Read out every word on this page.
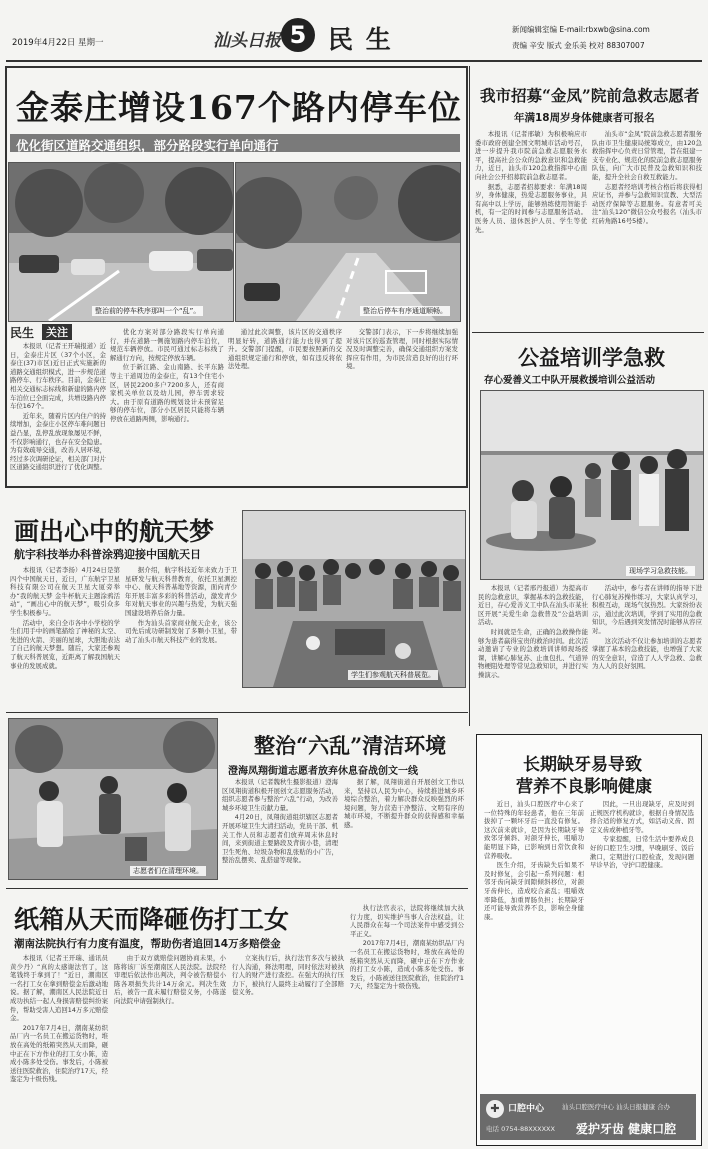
2019年4月22日 星期一	汕头日报 5 民 生	新闻编辑室编 E-mail:rbxwb@sina.com
责编 辛安 版式 金乐美 校对 88307007
金泰庄增设167个路内停车位
优化街区道路交通组织，部分路段实行单向通行
整治前的停车秩序那叫一个“乱”。	整治后停车有序通道顺畅。
民生	关注

本报讯（记者王开瑞报道）近日，金泰庄片区（37个小区，金泰庄(37)市区)近日正式实施新的道路交通组织模式，进一步规范道路停车、行车秩序。目前，金泰庄相关交通标志标线和新建的路内停车泊位已全面完成，共增设路内停车位167个。

近年来，随着片区内住户的持续增加，金泰庄小区停车难问题日益凸显，乱停乱放现象屡见不鲜，不仅影响通行，也存在安全隐患。为有效疏导交通，改善人居环境，经过多次调研论证，相关部门对片区道路交通组织进行了优化调整。

优化方案对部分路段实行单向通行，并在道路一侧施划路内停车泊位，规范车辆停放。市民可通过标志标线了解通行方向，按规定停放车辆。

位于新江路、金山南路、长平东路等主干道周边的金泰庄，有13个住宅小区，居民2200多户7200多人，还有商家机关单位以及幼儿园，停车需求较大。由于原有道路的规划设计未预留足够的停车位，部分小区居民只能将车辆停放在道路两侧，影响通行。

通过此次调整，该片区的交通秩序明显好转，道路通行能力也得到了提升。交警部门提醒，市民要按照新的交通组织规定通行和停放，如有违反将依法处理。

交警部门表示，下一步将继续加强对该片区的巡查管理，同时根据实际情况及时调整完善，确保交通组织方案发挥应有作用，为市民营造良好的出行环境。

我市招募“金凤”院前急救志愿者
年满18周岁身体健康者可报名

本报讯（记者邢敏）为积极响应市委市政府创建全国文明城市活动号召，进一步提升我市院前急救志愿服务水平，提高社会公众的急救意识和急救能力，近日，汕头市120急救指挥中心面向社会公开招募院前急救志愿者。

据悉，志愿者招募要求：年满18周岁，身体健康，热爱志愿服务事业，具有高中以上学历，能够熟练使用智能手机，有一定的时间参与志愿服务活动。医务人员、退休医护人员、学生等优先。

汕头市“金凤”院前急救志愿者服务队由市卫生健康局统筹成立，由120急救指挥中心负责日常管理，旨在组建一支专业化、规范化的院前急救志愿服务队伍，向广大市民普及急救知识和技能，提升全社会自救互救能力。

志愿者经培训考核合格后将获得相应证书，并参与急救知识宣教、大型活动医疗保障等志愿服务。有意者可关注“汕头120”微信公众号报名（汕头市红砖角路16号5楼）。

公益培训学急救
存心爱善义工中队开展救援培训公益活动
现场学习急救技能。

本报讯（记者邢丹报道）为提高市民的急救意识，掌握基本的急救技能，近日，存心爱善义工中队在汕头市某社区开展“关爱生命 急救普及”公益培训活动。

时间就是生命，正确的急救操作能够为患者赢得宝贵的救治时间。此次活动邀请了专业的急救培训讲师现场授课，讲解心肺复苏、止血包扎、气道异物梗阻处理等常见急救知识，并进行实操演示。

活动中，参与者在讲师的指导下进行心肺复苏操作练习，大家认真学习，积极互动，现场气氛热烈。大家纷纷表示，通过此次培训，学到了实用的急救知识，今后遇到突发情况时能够从容应对。

这次活动不仅让参加培训的志愿者掌握了基本的急救技能，也增强了大家的安全意识，营造了人人学急救、急救为人人的良好氛围。

画出心中的航天梦
航宇科技举办科普涂鸦迎接中国航天日
学生们参观航天科普展览。

本报讯（记者李扬）4月24日是第四个中国航天日，近日，广东航宇卫星科技有限公司在航天卫星大厦旁举办“我的航天梦 金牛杯航天主题涂鸦活动”，“画出心中的航天梦”，吸引众多学生积极参与。

活动中，来自全市各中小学校的学生们用手中的画笔描绘了神秘的太空、先进的火箭、美丽的星球，大胆地表达了自己的航天梦想。随后，大家还参观了航天科普展览，近距离了解我国航天事业的发展成就。

据介绍，航宇科技近年来致力于卫星研发与航天科普教育，依托卫星测控中心、航天科普基地等资源，面向青少年开展丰富多彩的科普活动，激发青少年对航天事业的兴趣与热爱，为航天强国建设培养后备力量。

作为汕头首家商业航天企业，该公司先后成功研制发射了多颗小卫星，带动了汕头市航天科技产业的发展。

志愿者们在清理环境。
整治“六乱”清洁环境
澄海凤翔街道志愿者放弃休息奋战创文一线

本报讯（记者魏秋生摄影报道）澄海区凤翔街道积极开展创文志愿服务活动，组织志愿者参与整治“六乱”行动，为改善城乡环境卫生贡献力量。

4月20日，凤翔街道组织辖区志愿者开展环境卫生大清扫活动，党员干部、机关工作人员和志愿者们放弃周末休息时间，来到街道主要路段及背街小巷，清理卫生死角、垃圾杂物和乱张贴的小广告，整治乱摆卖、乱搭建等现象。

据了解，凤翔街道自开展创文工作以来，坚持以人民为中心，持续推进城乡环境综合整治，着力解决群众反映强烈的环境问题，努力营造干净整洁、文明有序的城市环境，不断提升群众的获得感和幸福感。

纸箱从天而降砸伤打工女
潮南法院执行有力度有温度，帮助伤者追回14万多赔偿金

本报讯（记者王开瑞、通讯员黄少丹）“真的太感谢法官了，这笔钱终于拿到了！”近日，潮南区一名打工女在拿到赔偿金后激动地说。据了解，潮南区人民法院近日成功执结一起人身损害赔偿纠纷案件，帮助受害人追回14万多元赔偿金。

2017年7月4日，潮南某纺织品厂内一名员工在搬运货物时，堆放在高处的纸箱突然从天而降，砸中正在下方作业的打工女小陈，造成小陈多处受伤。事发后，小陈被送往医院救治，住院治疗17天，经鉴定为十级伤残。

由于双方就赔偿问题协商未果，小陈将该厂诉至潮南区人民法院。法院经审理后依法作出判决，判令被告赔偿小陈各项损失共计14万余元。判决生效后，被告一直未履行赔偿义务，小陈遂向法院申请强制执行。

立案执行后，执行法官多次与被执行人沟通，释法明理，同时依法对被执行人的财产进行查控。在强大的执行压力下，被执行人最终主动履行了全部赔偿义务。

执行法官表示，法院将继续加大执行力度，切实维护当事人合法权益，让人民群众在每一个司法案件中感受到公平正义。

2017年7月4日，潮南某纺织品厂内一名员工在搬运货物时，堆放在高处的纸箱突然从天而降，砸中正在下方作业的打工女小陈，造成小陈多处受伤。事发后，小陈被送往医院救治，住院治疗17天，经鉴定为十级伤残。

长期缺牙易导致
营养不良影响健康

近日，汕头口腔医疗中心来了一位特殊的年轻患者，他在三年前拔掉了一颗坏牙后一直没有修复。这次前来就诊，是因为长期缺牙导致邻牙倾斜、对颌牙伸长，咀嚼功能明显下降，已影响到日常饮食和营养吸收。

医生介绍，牙齿缺失后如果不及时修复，会引起一系列问题：相邻牙齿向缺牙间隙倾斜移位，对颌牙齿伸长，造成咬合紊乱；咀嚼效率降低，加重胃肠负担；长期缺牙还可能导致营养不良，影响全身健康。

因此，一旦出现缺牙，应及时到正规医疗机构就诊，根据自身情况选择合适的修复方式，如活动义齿、固定义齿或种植牙等。

专家提醒，日常生活中要养成良好的口腔卫生习惯，早晚刷牙、饭后漱口，定期进行口腔检查，发现问题早诊早治，守护口腔健康。

✚ 口腔中心	汕头口腔医疗中心 汕头日报健康 合办
电话 0754-88XXXXXX 爱护牙齿 健康口腔
